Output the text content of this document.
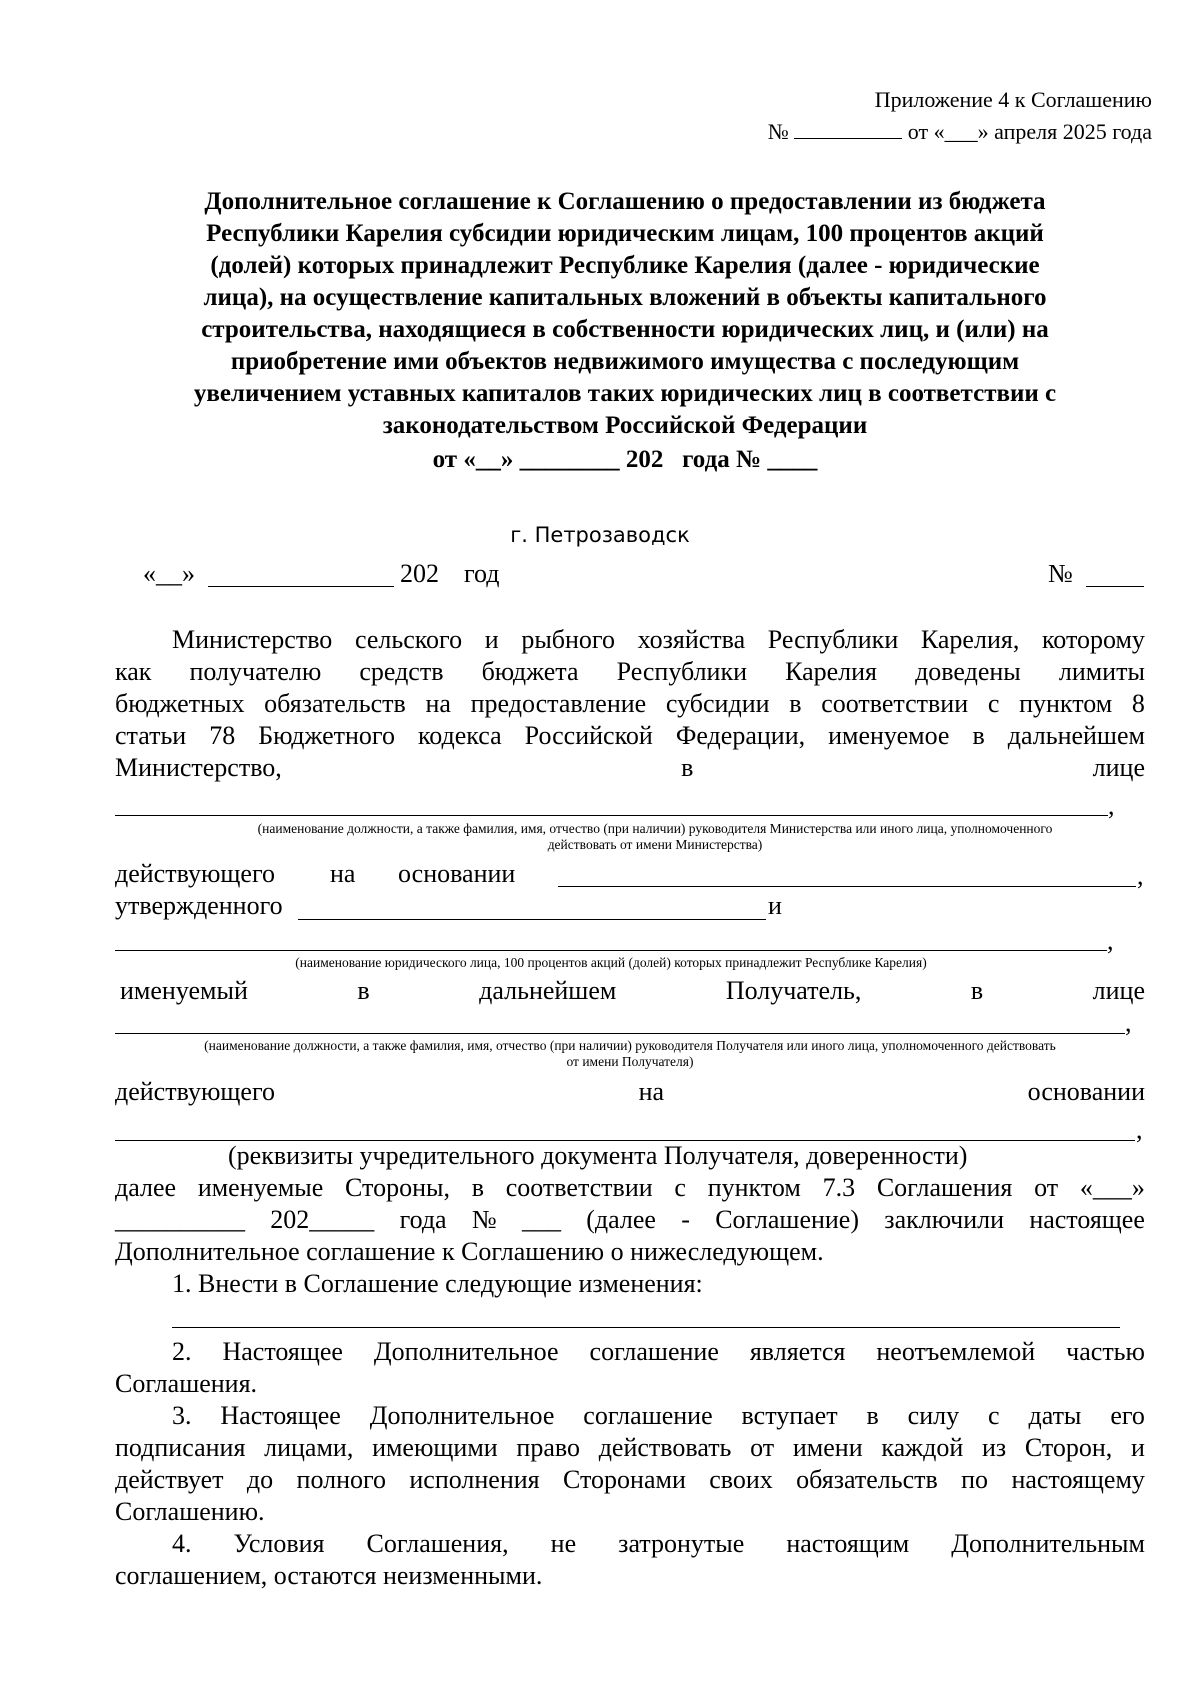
Приложение 4 к Соглашению
№	от «___» апреля 2025 года
Дополнительное соглашение к Соглашению о предоставлении из бюджета
Республики Карелия субсидии юридическим лицам, 100 процентов акций
(долей) которых принадлежит Республике Карелия (далее - юридические
лица), на осуществление капитальных вложений в объекты капитального
строительства, находящиеся в собственности юридических лиц, и (или) на
приобретение ими объектов недвижимого имущества с последующим
увеличением уставных капиталов таких юридических лиц в соответствии с
законодательством Российской Федерации
от «__» ________ 202 года № ____
г. Петрозаводск
«__»	202 год	№
Министерство сельского и рыбного хозяйства Республики Карелия, которому
как получателю средств бюджета Республики Карелия доведены лимиты
бюджетных обязательств на предоставление субсидии в соответствии с пунктом 8
статьи 78 Бюджетного кодекса Российской Федерации, именуемое в дальнейшем
Министерство,	в	лице
,
(наименование должности, а также фамилия, имя, отчество (при наличии) руководителя Министерства или иного лица, уполномоченного
действовать от имени Министерства)
действующего на основании	,
утвержденного	и
,
(наименование юридического лица, 100 процентов акций (долей) которых принадлежит Республике Карелия)
именуемый	в	дальнейшем	Получатель,	в	лице
,
(наименование должности, а также фамилия, имя, отчество (при наличии) руководителя Получателя или иного лица, уполномоченного действовать
от имени Получателя)
действующего	на	основании
,
(реквизиты учредительного документа Получателя, доверенности)
далее именуемые Стороны, в соответствии с пунктом 7.3 Соглашения от «___»
__________ 202_____ года № ___ (далее - Соглашение) заключили настоящее
Дополнительное соглашение к Соглашению о нижеследующем.
1. Внести в Соглашение следующие изменения:
2. Настоящее Дополнительное соглашение является неотъемлемой частью
Соглашения.
3. Настоящее Дополнительное соглашение вступает в силу с даты его
подписания лицами, имеющими право действовать от имени каждой из Сторон, и
действует до полного исполнения Сторонами своих обязательств по настоящему
Соглашению.
4. Условия Соглашения, не затронутые настоящим Дополнительным
соглашением, остаются неизменными.
